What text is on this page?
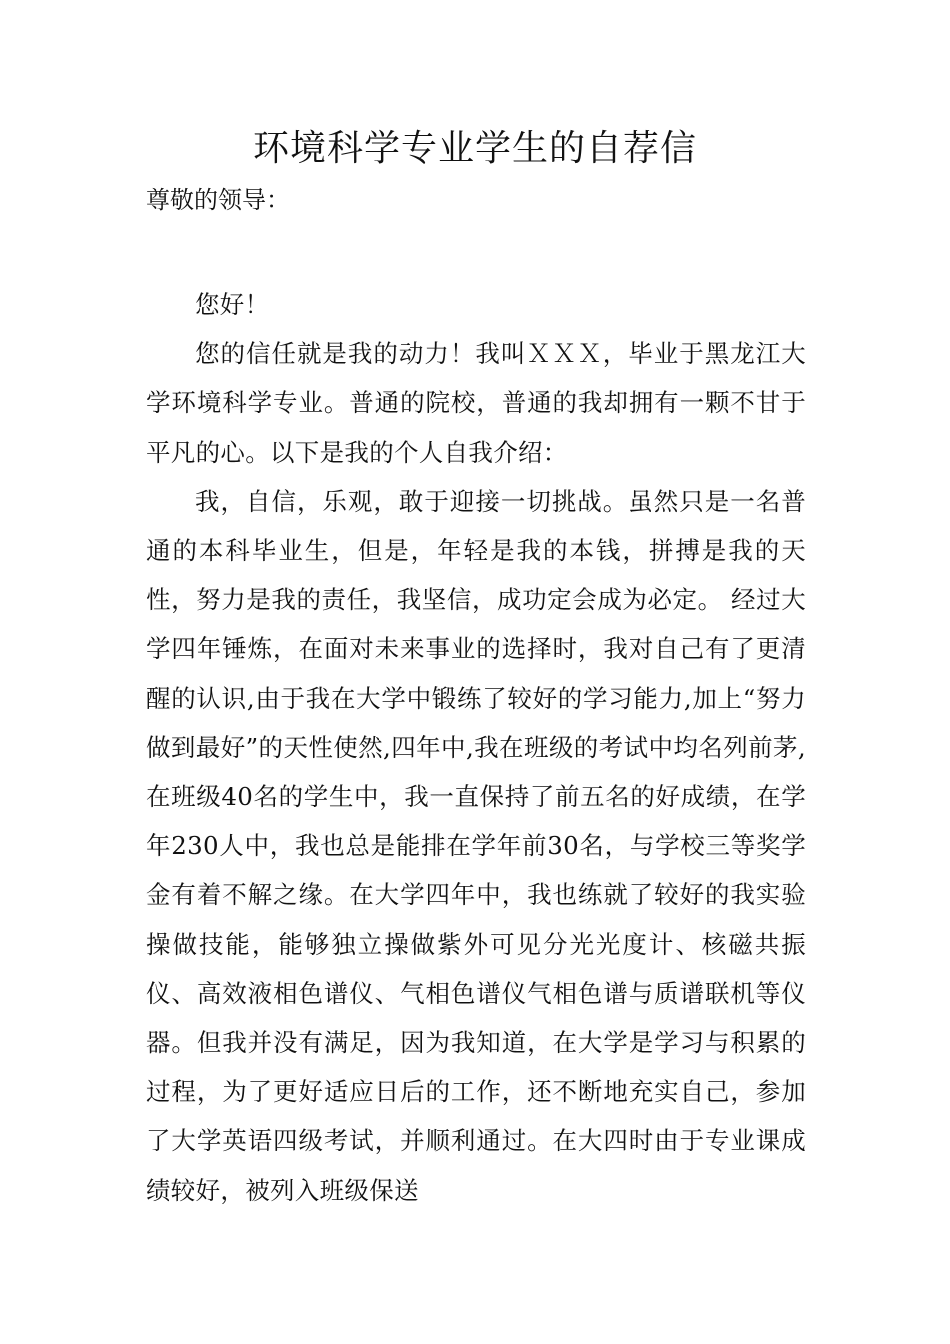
环境科学专业学生的自荐信

尊敬的领导：

您好！

您的信任就是我的动力！我叫ＸＸＸ，毕业于黑龙江大学环境科学专业。普通的院校，普通的我却拥有一颗不甘于平凡的心。以下是我的个人自我介绍：

我，自信，乐观，敢于迎接一切挑战。虽然只是一名普通的本科毕业生，但是，年轻是我的本钱，拼搏是我的天性，努力是我的责任，我坚信，成功定会成为必定。 经过大学四年锤炼，在面对未来事业的选择时，我对自己有了更清醒的认识,由于我在大学中锻练了较好的学习能力,加上“努力做到最好”的天性使然,四年中,我在班级的考试中均名列前茅,在班级40名的学生中，我一直保持了前五名的好成绩，在学年230人中，我也总是能排在学年前30名，与学校三等奖学金有着不解之缘。在大学四年中，我也练就了较好的我实验操做技能，能够独立操做紫外可见分光光度计、核磁共振仪、高效液相色谱仪、气相色谱仪气相色谱与质谱联机等仪器。但我并没有满足，因为我知道，在大学是学习与积累的过程，为了更好适应日后的工作，还不断地充实自己，参加了大学英语四级考试，并顺利通过。在大四时由于专业课成绩较好，被列入班级保送
